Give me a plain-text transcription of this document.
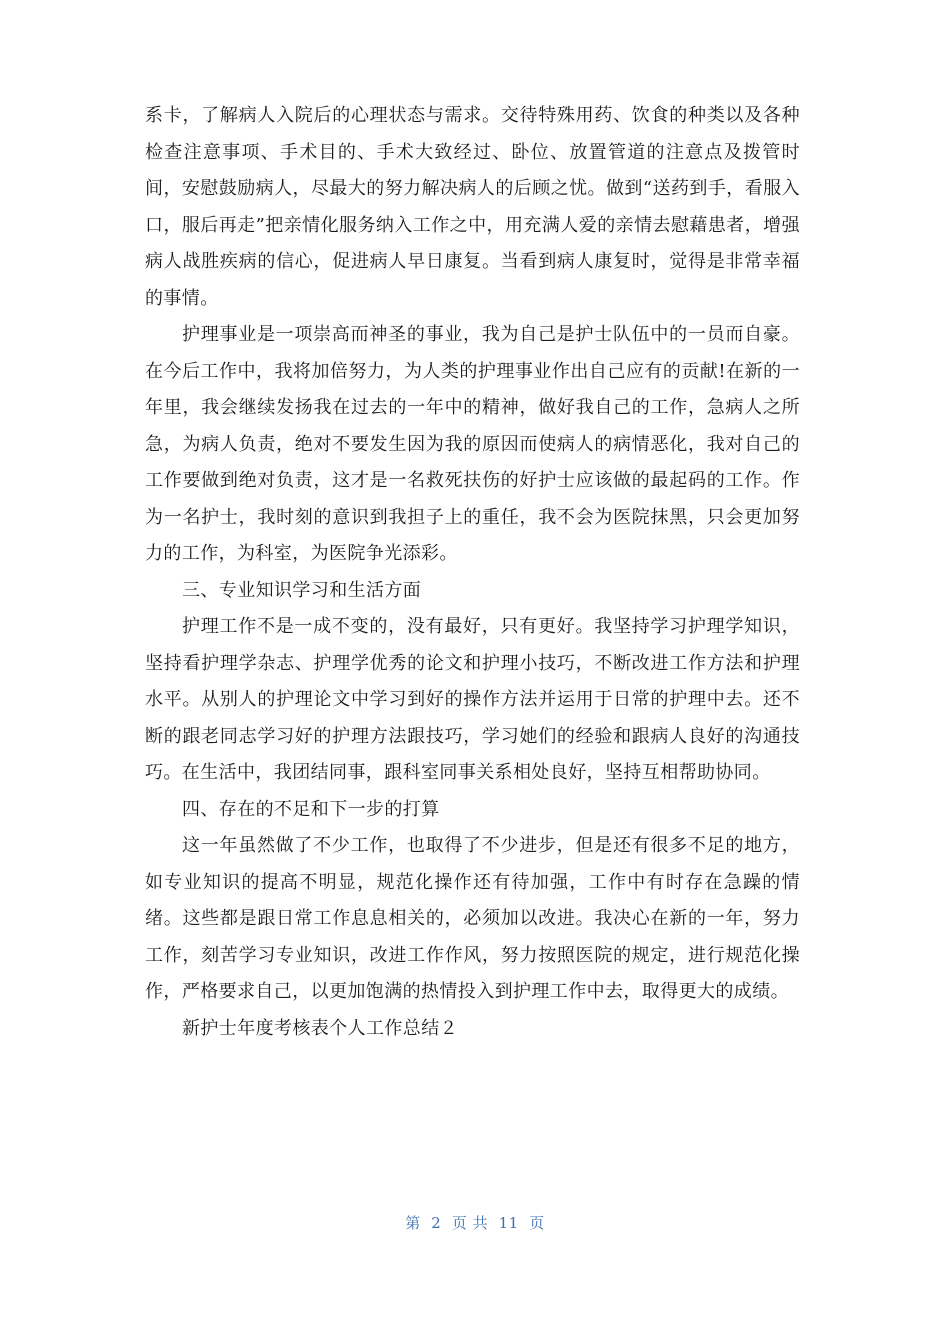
系卡，了解病人入院后的心理状态与需求。交待特殊用药、饮食的种类以及各种检查注意事项、手术目的、手术大致经过、卧位、放置管道的注意点及拨管时间，安慰鼓励病人，尽最大的努力解决病人的后顾之忧。做到“送药到手，看服入口，服后再走”把亲情化服务纳入工作之中，用充满人爱的亲情去慰藉患者，增强病人战胜疾病的信心，促进病人早日康复。当看到病人康复时，觉得是非常幸福的事情。

护理事业是一项崇高而神圣的事业，我为自己是护士队伍中的一员而自豪。在今后工作中，我将加倍努力，为人类的护理事业作出自己应有的贡献!在新的一年里，我会继续发扬我在过去的一年中的精神，做好我自己的工作，急病人之所急，为病人负责，绝对不要发生因为我的原因而使病人的病情恶化，我对自己的工作要做到绝对负责，这才是一名救死扶伤的好护士应该做的最起码的工作。作为一名护士，我时刻的意识到我担子上的重任，我不会为医院抹黑，只会更加努力的工作，为科室，为医院争光添彩。

三、专业知识学习和生活方面

护理工作不是一成不变的，没有最好，只有更好。我坚持学习护理学知识，坚持看护理学杂志、护理学优秀的论文和护理小技巧，不断改进工作方法和护理水平。从别人的护理论文中学习到好的操作方法并运用于日常的护理中去。还不断的跟老同志学习好的护理方法跟技巧，学习她们的经验和跟病人良好的沟通技巧。在生活中，我团结同事，跟科室同事关系相处良好，坚持互相帮助协同。

四、存在的不足和下一步的打算

这一年虽然做了不少工作，也取得了不少进步，但是还有很多不足的地方，如专业知识的提高不明显，规范化操作还有待加强，工作中有时存在急躁的情绪。这些都是跟日常工作息息相关的，必须加以改进。我决心在新的一年，努力工作，刻苦学习专业知识，改进工作作风，努力按照医院的规定，进行规范化操作，严格要求自己，以更加饱满的热情投入到护理工作中去，取得更大的成绩。

新护士年度考核表个人工作总结２

第  2  页 共  11  页
